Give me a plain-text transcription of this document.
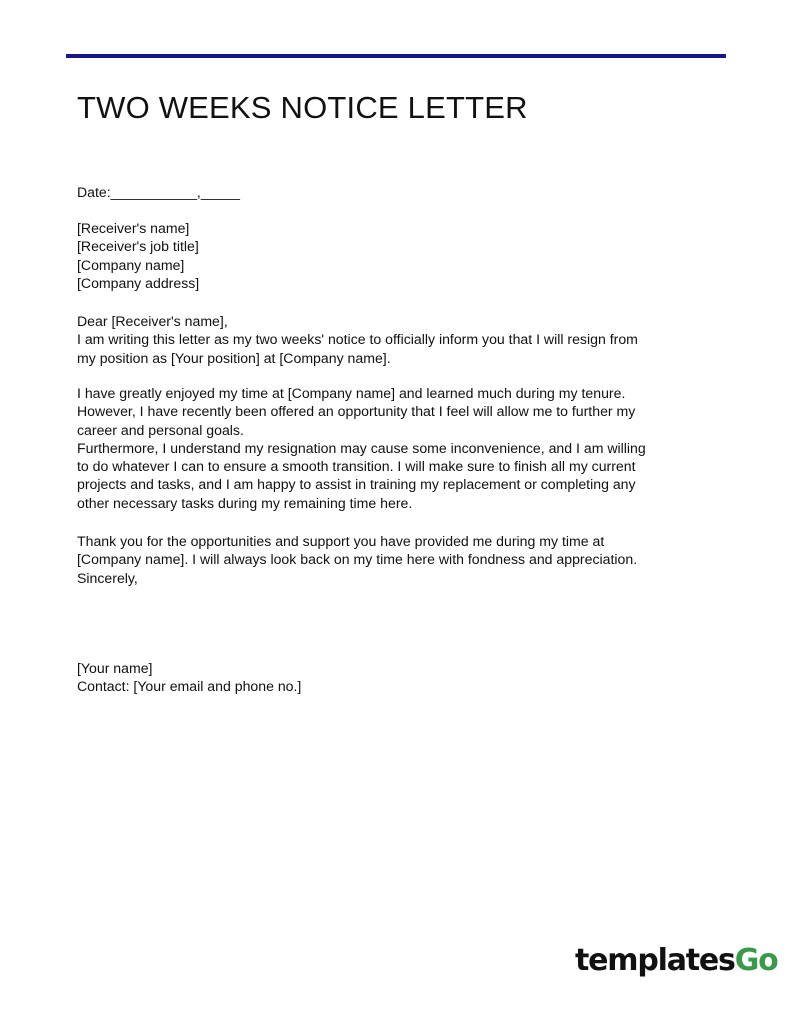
TWO WEEKS NOTICE LETTER
Date:___________,_____
[Receiver's name]
[Receiver's job title]
[Company name]
[Company address]
Dear [Receiver's name],
I am writing this letter as my two weeks' notice to officially inform you that I will resign from
my position as [Your position] at [Company name].
I have greatly enjoyed my time at [Company name] and learned much during my tenure.
However, I have recently been offered an opportunity that I feel will allow me to further my
career and personal goals.
Furthermore, I understand my resignation may cause some inconvenience, and I am willing
to do whatever I can to ensure a smooth transition. I will make sure to finish all my current
projects and tasks, and I am happy to assist in training my replacement or completing any
other necessary tasks during my remaining time here.
Thank you for the opportunities and support you have provided me during my time at
[Company name]. I will always look back on my time here with fondness and appreciation.
Sincerely,
[Your name]
Contact: [Your email and phone no.]
templatesGo
